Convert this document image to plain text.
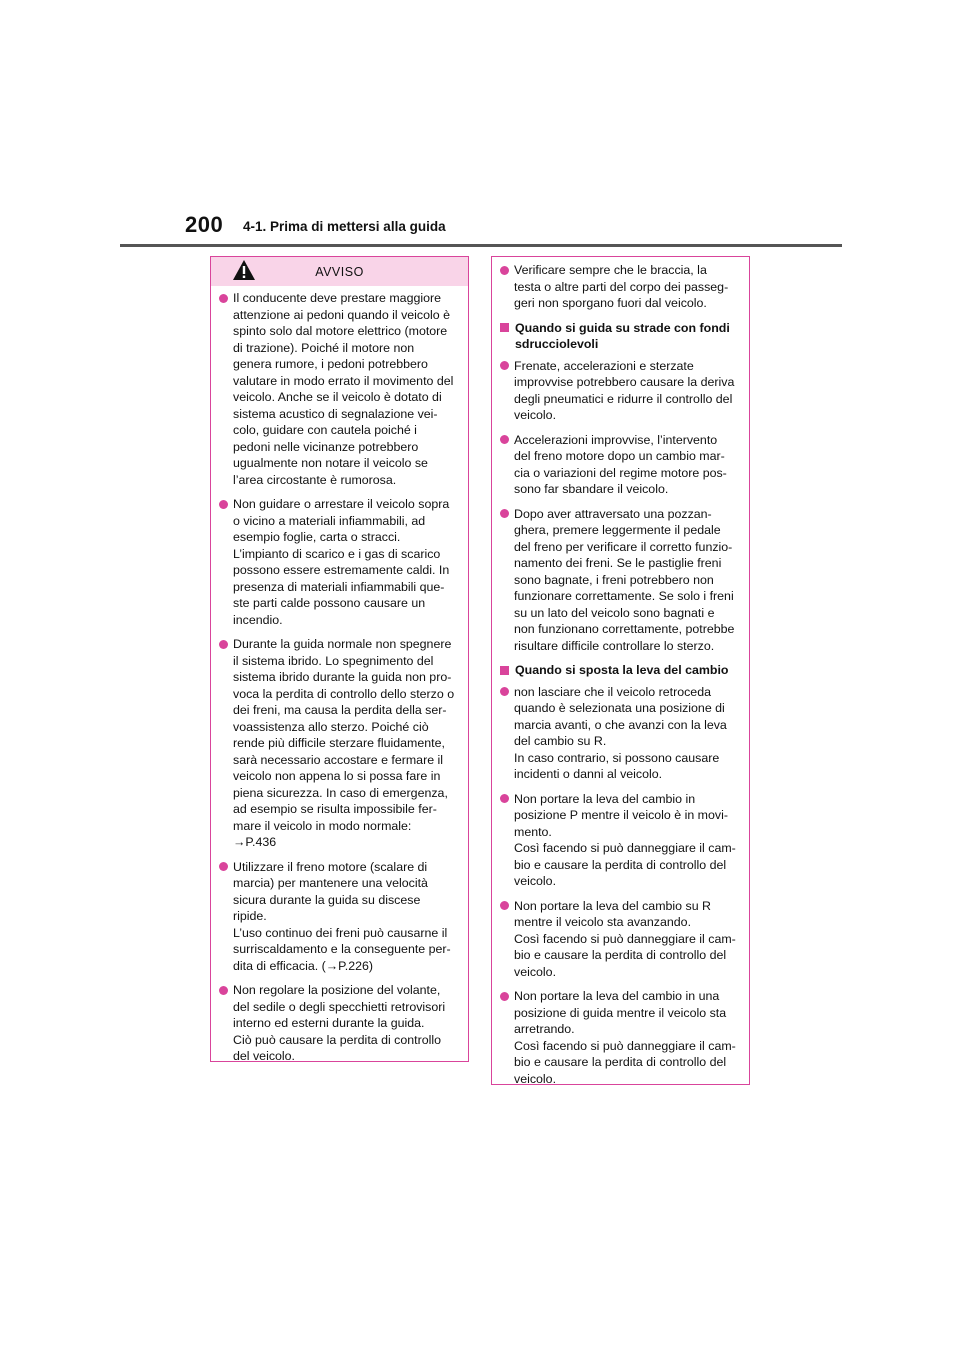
200 4-1. Prima di mettersi alla guida
AVVISO
Il conducente deve prestare maggiore
attenzione ai pedoni quando il veicolo è
spinto solo dal motore elettrico (motore
di trazione). Poiché il motore non
genera rumore, i pedoni potrebbero
valutare in modo errato il movimento del
veicolo. Anche se il veicolo è dotato di
sistema acustico di segnalazione vei-
colo, guidare con cautela poiché i
pedoni nelle vicinanze potrebbero
ugualmente non notare il veicolo se
l’area circostante è rumorosa.
Non guidare o arrestare il veicolo sopra
o vicino a materiali infiammabili, ad
esempio foglie, carta o stracci.
L’impianto di scarico e i gas di scarico
possono essere estremamente caldi. In
presenza di materiali infiammabili que-
ste parti calde possono causare un
incendio.
Durante la guida normale non spegnere
il sistema ibrido. Lo spegnimento del
sistema ibrido durante la guida non pro-
voca la perdita di controllo dello sterzo o
dei freni, ma causa la perdita della ser-
voassistenza allo sterzo. Poiché ciò
rende più difficile sterzare fluidamente,
sarà necessario accostare e fermare il
veicolo non appena lo si possa fare in
piena sicurezza. In caso di emergenza,
ad esempio se risulta impossibile fer-
mare il veicolo in modo normale:
→P.436
Utilizzare il freno motore (scalare di
marcia) per mantenere una velocità
sicura durante la guida su discese
ripide.
L’uso continuo dei freni può causarne il
surriscaldamento e la conseguente per-
dita di efficacia. (→P.226)
Non regolare la posizione del volante,
del sedile o degli specchietti retrovisori
interno ed esterni durante la guida.
Ciò può causare la perdita di controllo
del veicolo.
Verificare sempre che le braccia, la
testa o altre parti del corpo dei passeg-
geri non sporgano fuori dal veicolo.
Quando si guida su strade con fondi
sdrucciolevoli
Frenate, accelerazioni e sterzate
improvvise potrebbero causare la deriva
degli pneumatici e ridurre il controllo del
veicolo.
Accelerazioni improvvise, l’intervento
del freno motore dopo un cambio mar-
cia o variazioni del regime motore pos-
sono far sbandare il veicolo.
Dopo aver attraversato una pozzan-
ghera, premere leggermente il pedale
del freno per verificare il corretto funzio-
namento dei freni. Se le pastiglie freni
sono bagnate, i freni potrebbero non
funzionare correttamente. Se solo i freni
su un lato del veicolo sono bagnati e
non funzionano correttamente, potrebbe
risultare difficile controllare lo sterzo.
Quando si sposta la leva del cambio
non lasciare che il veicolo retroceda
quando è selezionata una posizione di
marcia avanti, o che avanzi con la leva
del cambio su R.
In caso contrario, si possono causare
incidenti o danni al veicolo.
Non portare la leva del cambio in
posizione P mentre il veicolo è in movi-
mento.
Così facendo si può danneggiare il cam-
bio e causare la perdita di controllo del
veicolo.
Non portare la leva del cambio su R
mentre il veicolo sta avanzando.
Così facendo si può danneggiare il cam-
bio e causare la perdita di controllo del
veicolo.
Non portare la leva del cambio in una
posizione di guida mentre il veicolo sta
arretrando.
Così facendo si può danneggiare il cam-
bio e causare la perdita di controllo del
veicolo.
